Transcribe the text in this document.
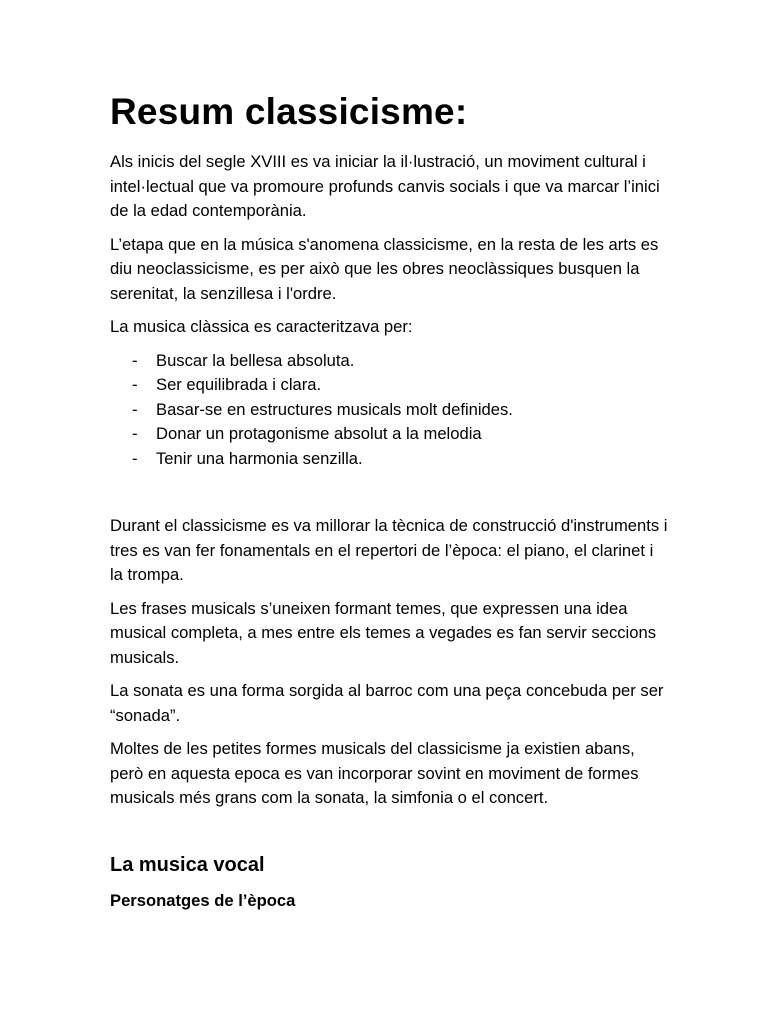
Resum classicisme:

Als inicis del segle XVIII es va iniciar la il·lustració, un moviment cultural i intel·lectual que va promoure profunds canvis socials i que va marcar l’inici de la edad contemporània.

L’etapa que en la música s'anomena classicisme, en la resta de les arts es diu neoclassicisme, es per això que les obres neoclàssiques busquen la serenitat, la senzillesa i l'ordre.

La musica clàssica es caracteritzava per:

- Buscar la bellesa absoluta.
- Ser equilibrada i clara.
- Basar-se en estructures musicals molt definides.
- Donar un protagonisme absolut a la melodia
- Tenir una harmonia senzilla.

Durant el classicisme es va millorar la tècnica de construcció d'instruments i tres es van fer fonamentals en el repertori de l’època: el piano, el clarinet i la trompa.

Les frases musicals s’uneixen formant temes, que expressen una idea musical completa, a mes entre els temes a vegades es fan servir seccions musicals.

La sonata es una forma sorgida al barroc com una peça concebuda per ser “sonada”.

Moltes de les petites formes musicals del classicisme ja existien abans, però en aquesta epoca es van incorporar sovint en moviment de formes musicals més grans com la sonata, la simfonia o el concert.

La musica vocal
Personatges de l’època
